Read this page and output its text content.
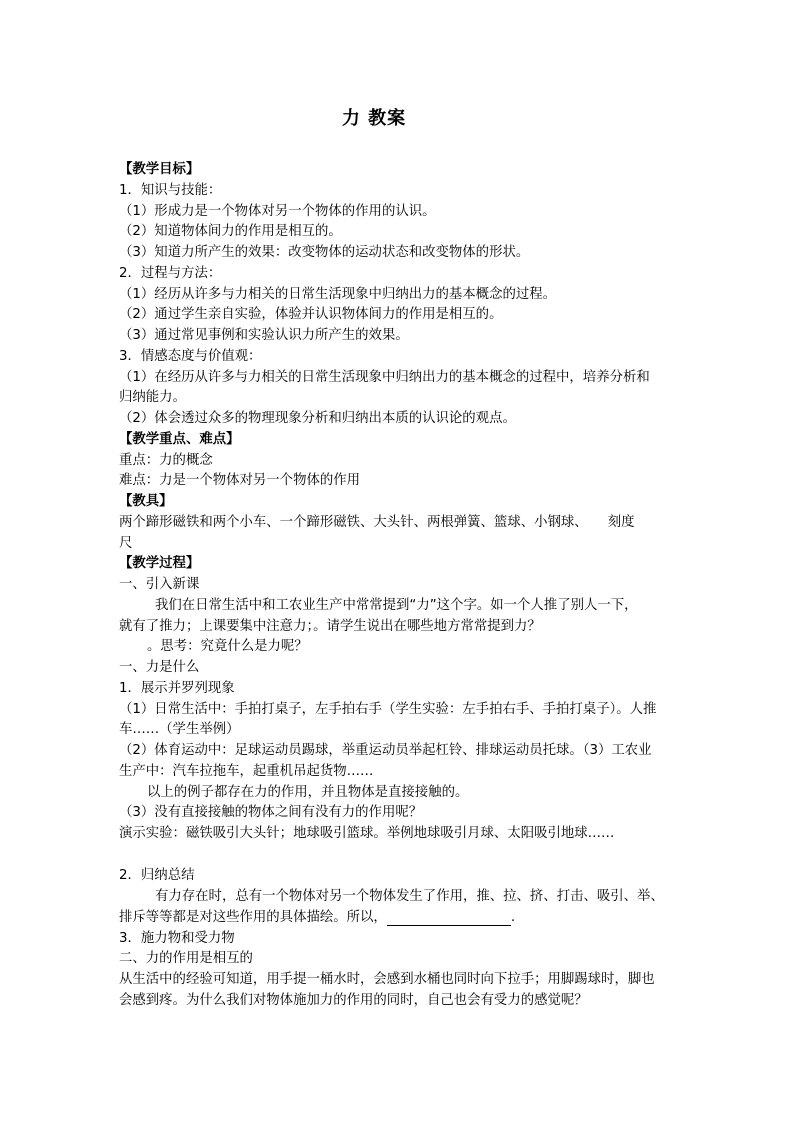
力 教案
【教学目标】
1．知识与技能：
（1）形成力是一个物体对另一个物体的作用的认识。
（2）知道物体间力的作用是相互的。
（3）知道力所产生的效果：改变物体的运动状态和改变物体的形状。
2．过程与方法：
（1）经历从许多与力相关的日常生活现象中归纳出力的基本概念的过程。
（2）通过学生亲自实验，体验并认识物体间力的作用是相互的。
（3）通过常见事例和实验认识力所产生的效果。
3．情感态度与价值观：
（1）在经历从许多与力相关的日常生活现象中归纳出力的基本概念的过程中，培养分析和
归纳能力。
（2）体会透过众多的物理现象分析和归纳出本质的认识论的观点。
【教学重点、难点】
重点：力的概念
难点：力是一个物体对另一个物体的作用
【教具】
两个蹄形磁铁和两个小车、一个蹄形磁铁、大头针、两根弹簧、篮球、小钢球、　　刻度
尺
【教学过程】
一、引入新课
我们在日常生活中和工农业生产中常常提到“力”这个字。如一个人推了别人一下，
就有了推力；上课要集中注意力；。请学生说出在哪些地方常常提到力？
。思考：究竟什么是力呢？
一、力是什么
1．展示并罗列现象
（1）日常生活中：手拍打桌子，左手拍右手（学生实验：左手拍右手、手拍打桌子）。人推
车……（学生举例）
（2）体育运动中：足球运动员踢球，举重运动员举起杠铃、排球运动员托球。（3）工农业
生产中：汽车拉拖车，起重机吊起货物……
以上的例子都存在力的作用，并且物体是直接接触的。
（3）没有直接接触的物体之间有没有力的作用呢？
演示实验：磁铁吸引大头针；地球吸引篮球。举例地球吸引月球、太阳吸引地球……
2．归纳总结
有力存在时，总有一个物体对另一个物体发生了作用，推、拉、挤、打击、吸引、举、
排斥等等都是对这些作用的具体描绘。所以，	.
3．施力物和受力物
二、力的作用是相互的
从生活中的经验可知道，用手提一桶水时，会感到水桶也同时向下拉手；用脚踢球时，脚也
会感到疼。为什么我们对物体施加力的作用的同时，自己也会有受力的感觉呢？
